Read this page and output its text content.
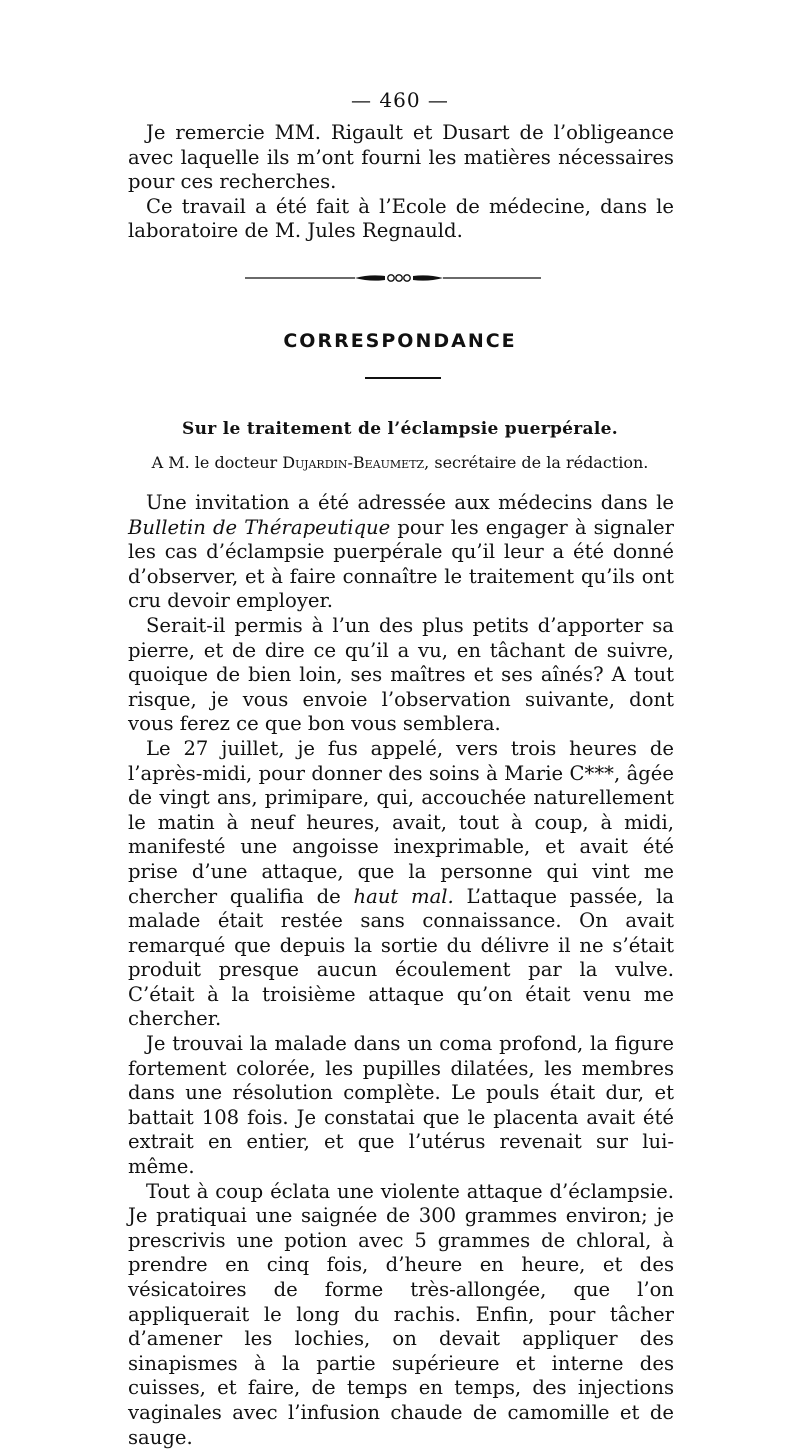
— 460 —

Je remercie MM. Rigault et Dusart de l’obligeance avec laquelle ils m’ont fourni les matières nécessaires pour ces recherches.

Ce travail a été fait à l’Ecole de médecine, dans le laboratoire de M. Jules Regnauld.

CORRESPONDANCE
Sur le traitement de l’éclampsie puerpérale.
A M. le docteur Dujardin-Beaumetz, secrétaire de la rédaction.

Une invitation a été adressée aux médecins dans le Bulletin de Thérapeutique pour les engager à signaler les cas d’éclampsie puerpérale qu’il leur a été donné d’observer, et à faire connaître le traitement qu’ils ont cru devoir employer.

Serait-il permis à l’un des plus petits d’apporter sa pierre, et de dire ce qu’il a vu, en tâchant de suivre, quoique de bien loin, ses maîtres et ses aînés? A tout risque, je vous envoie l’observation suivante, dont vous ferez ce que bon vous semblera.

Le 27 juillet, je fus appelé, vers trois heures de l’après-midi, pour donner des soins à Marie C***, âgée de vingt ans, primipare, qui, accouchée naturellement le matin à neuf heures, avait, tout à coup, à midi, manifesté une angoisse inexprimable, et avait été prise d’une attaque, que la personne qui vint me chercher qualifia de haut mal. L’attaque passée, la malade était restée sans connaissance. On avait remarqué que depuis la sortie du délivre il ne s’était produit presque aucun écoulement par la vulve. C’était à la troisième attaque qu’on était venu me chercher.

Je trouvai la malade dans un coma profond, la figure fortement colorée, les pupilles dilatées, les membres dans une résolution complète. Le pouls était dur, et battait 108 fois. Je constatai que le placenta avait été extrait en entier, et que l’utérus revenait sur lui-même.

Tout à coup éclata une violente attaque d’éclampsie. Je pratiquai une saignée de 300 grammes environ; je prescrivis une potion avec 5 grammes de chloral, à prendre en cinq fois, d’heure en heure, et des vésicatoires de forme très-allongée, que l’on appliquerait le long du rachis. Enfin, pour tâcher d’amener les lochies, on devait appliquer des sinapismes à la partie supérieure et interne des cuisses, et faire, de temps en temps, des injections vaginales avec l’infusion chaude de camomille et de sauge.
